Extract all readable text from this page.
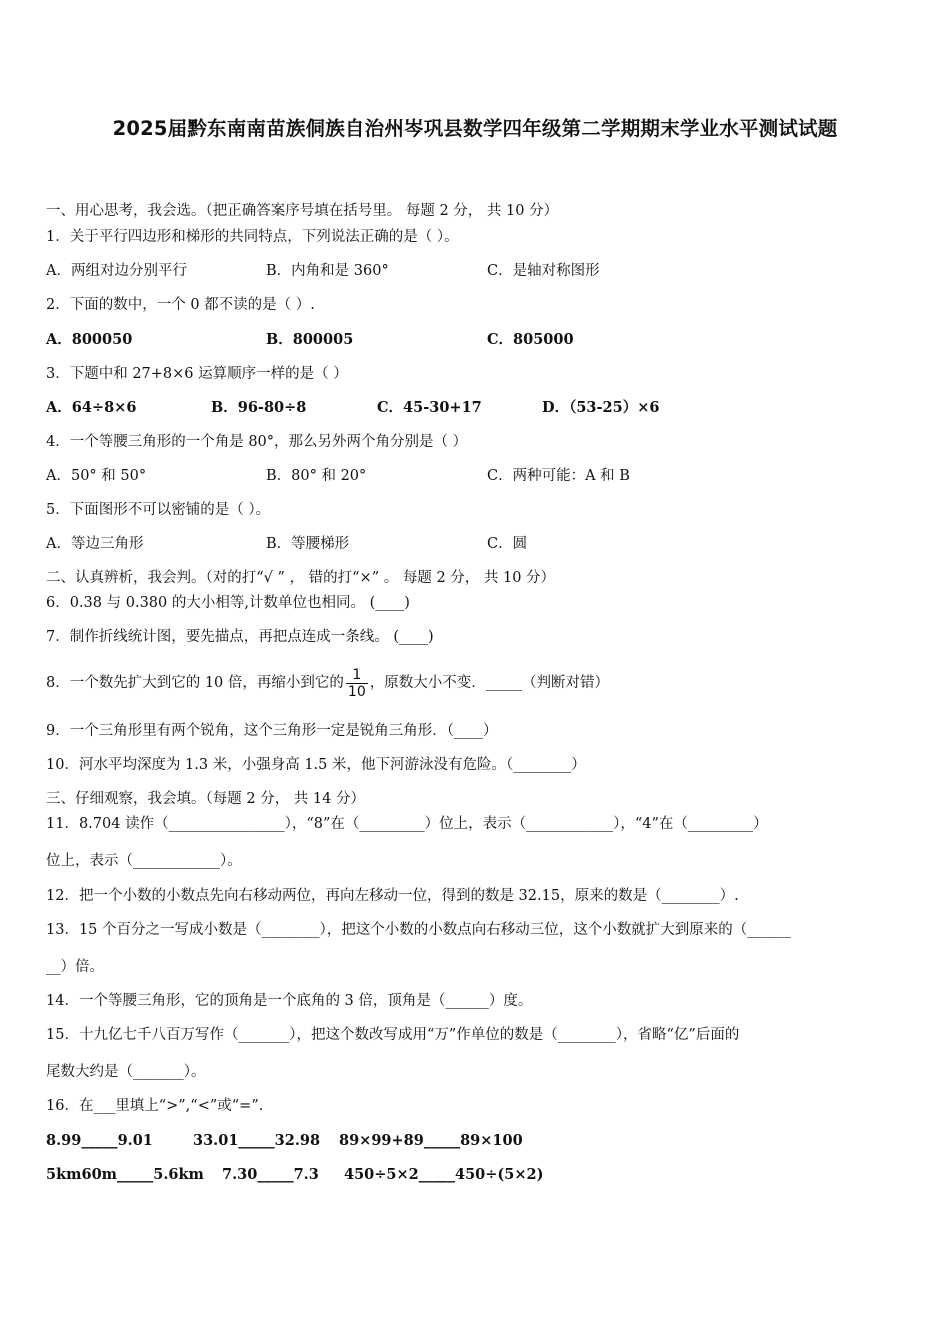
2025届黔东南南苗族侗族自治州岑巩县数学四年级第二学期期末学业水平测试试题
一、用心思考，我会选。（把正确答案序号填在括号里。 每题 2 分， 共 10 分）
1．关于平行四边形和梯形的共同特点，下列说法正确的是（ ）。
A．两组对边分别平行	B．内角和是 360°	C．是轴对称图形
2．下面的数中，一个 0 都不读的是（ ）.
A．800050	B．800005	C．805000
3．下题中和 27+8×6 运算顺序一样的是（ ）
A．64÷8×6	B．96-80÷8	C．45-30+17	D．（53-25）×6
4．一个等腰三角形的一个角是 80°，那么另外两个角分别是（ ）
A．50° 和 50°	B．80° 和 20°	C．两种可能：A 和 B
5．下面图形不可以密铺的是（ ）。
A．等边三角形	B．等腰梯形	C．圆
二、认真辨析，我会判。（对的打“√ ” ， 错的打“×” 。 每题 2 分， 共 10 分）
6．0.38 与 0.380 的大小相等,计数单位也相同。 (____)
7．制作折线统计图，要先描点，再把点连成一条线。 (____)
8．一个数先扩大到它的 10 倍，再缩小到它的 $\frac{1}{10}$ ，原数大小不变．_____（判断对错）
9．一个三角形里有两个锐角，这个三角形一定是锐角三角形．（____）
10．河水平均深度为 1.3 米，小强身高 1.5 米，他下河游泳没有危险。（________）
三、仔细观察，我会填。（每题 2 分， 共 14 分）
11．8.704 读作（________________），“8”在（_________）位上，表示（____________），“4”在（_________）
位上，表示（____________）。
12．把一个小数的小数点先向右移动两位，再向左移动一位，得到的数是 32.15，原来的数是（________）.
13．15 个百分之一写成小数是（________），把这个小数的小数点向右移动三位，这个小数就扩大到原来的（______
__）倍。
14．一个等腰三角形，它的顶角是一个底角的 3 倍，顶角是（______）度。
15．十九亿七千八百万写作（_______），把这个数改写成用“万”作单位的数是（________），省略“亿”后面的
尾数大约是（_______）。
16．在___里填上“>”,“<”或“=”.
8.99_____9.01	33.01_____32.98 89×99+89_____89×100
5km60m_____5.6km 7.30_____7.3 450÷5×2_____450÷(5×2)
